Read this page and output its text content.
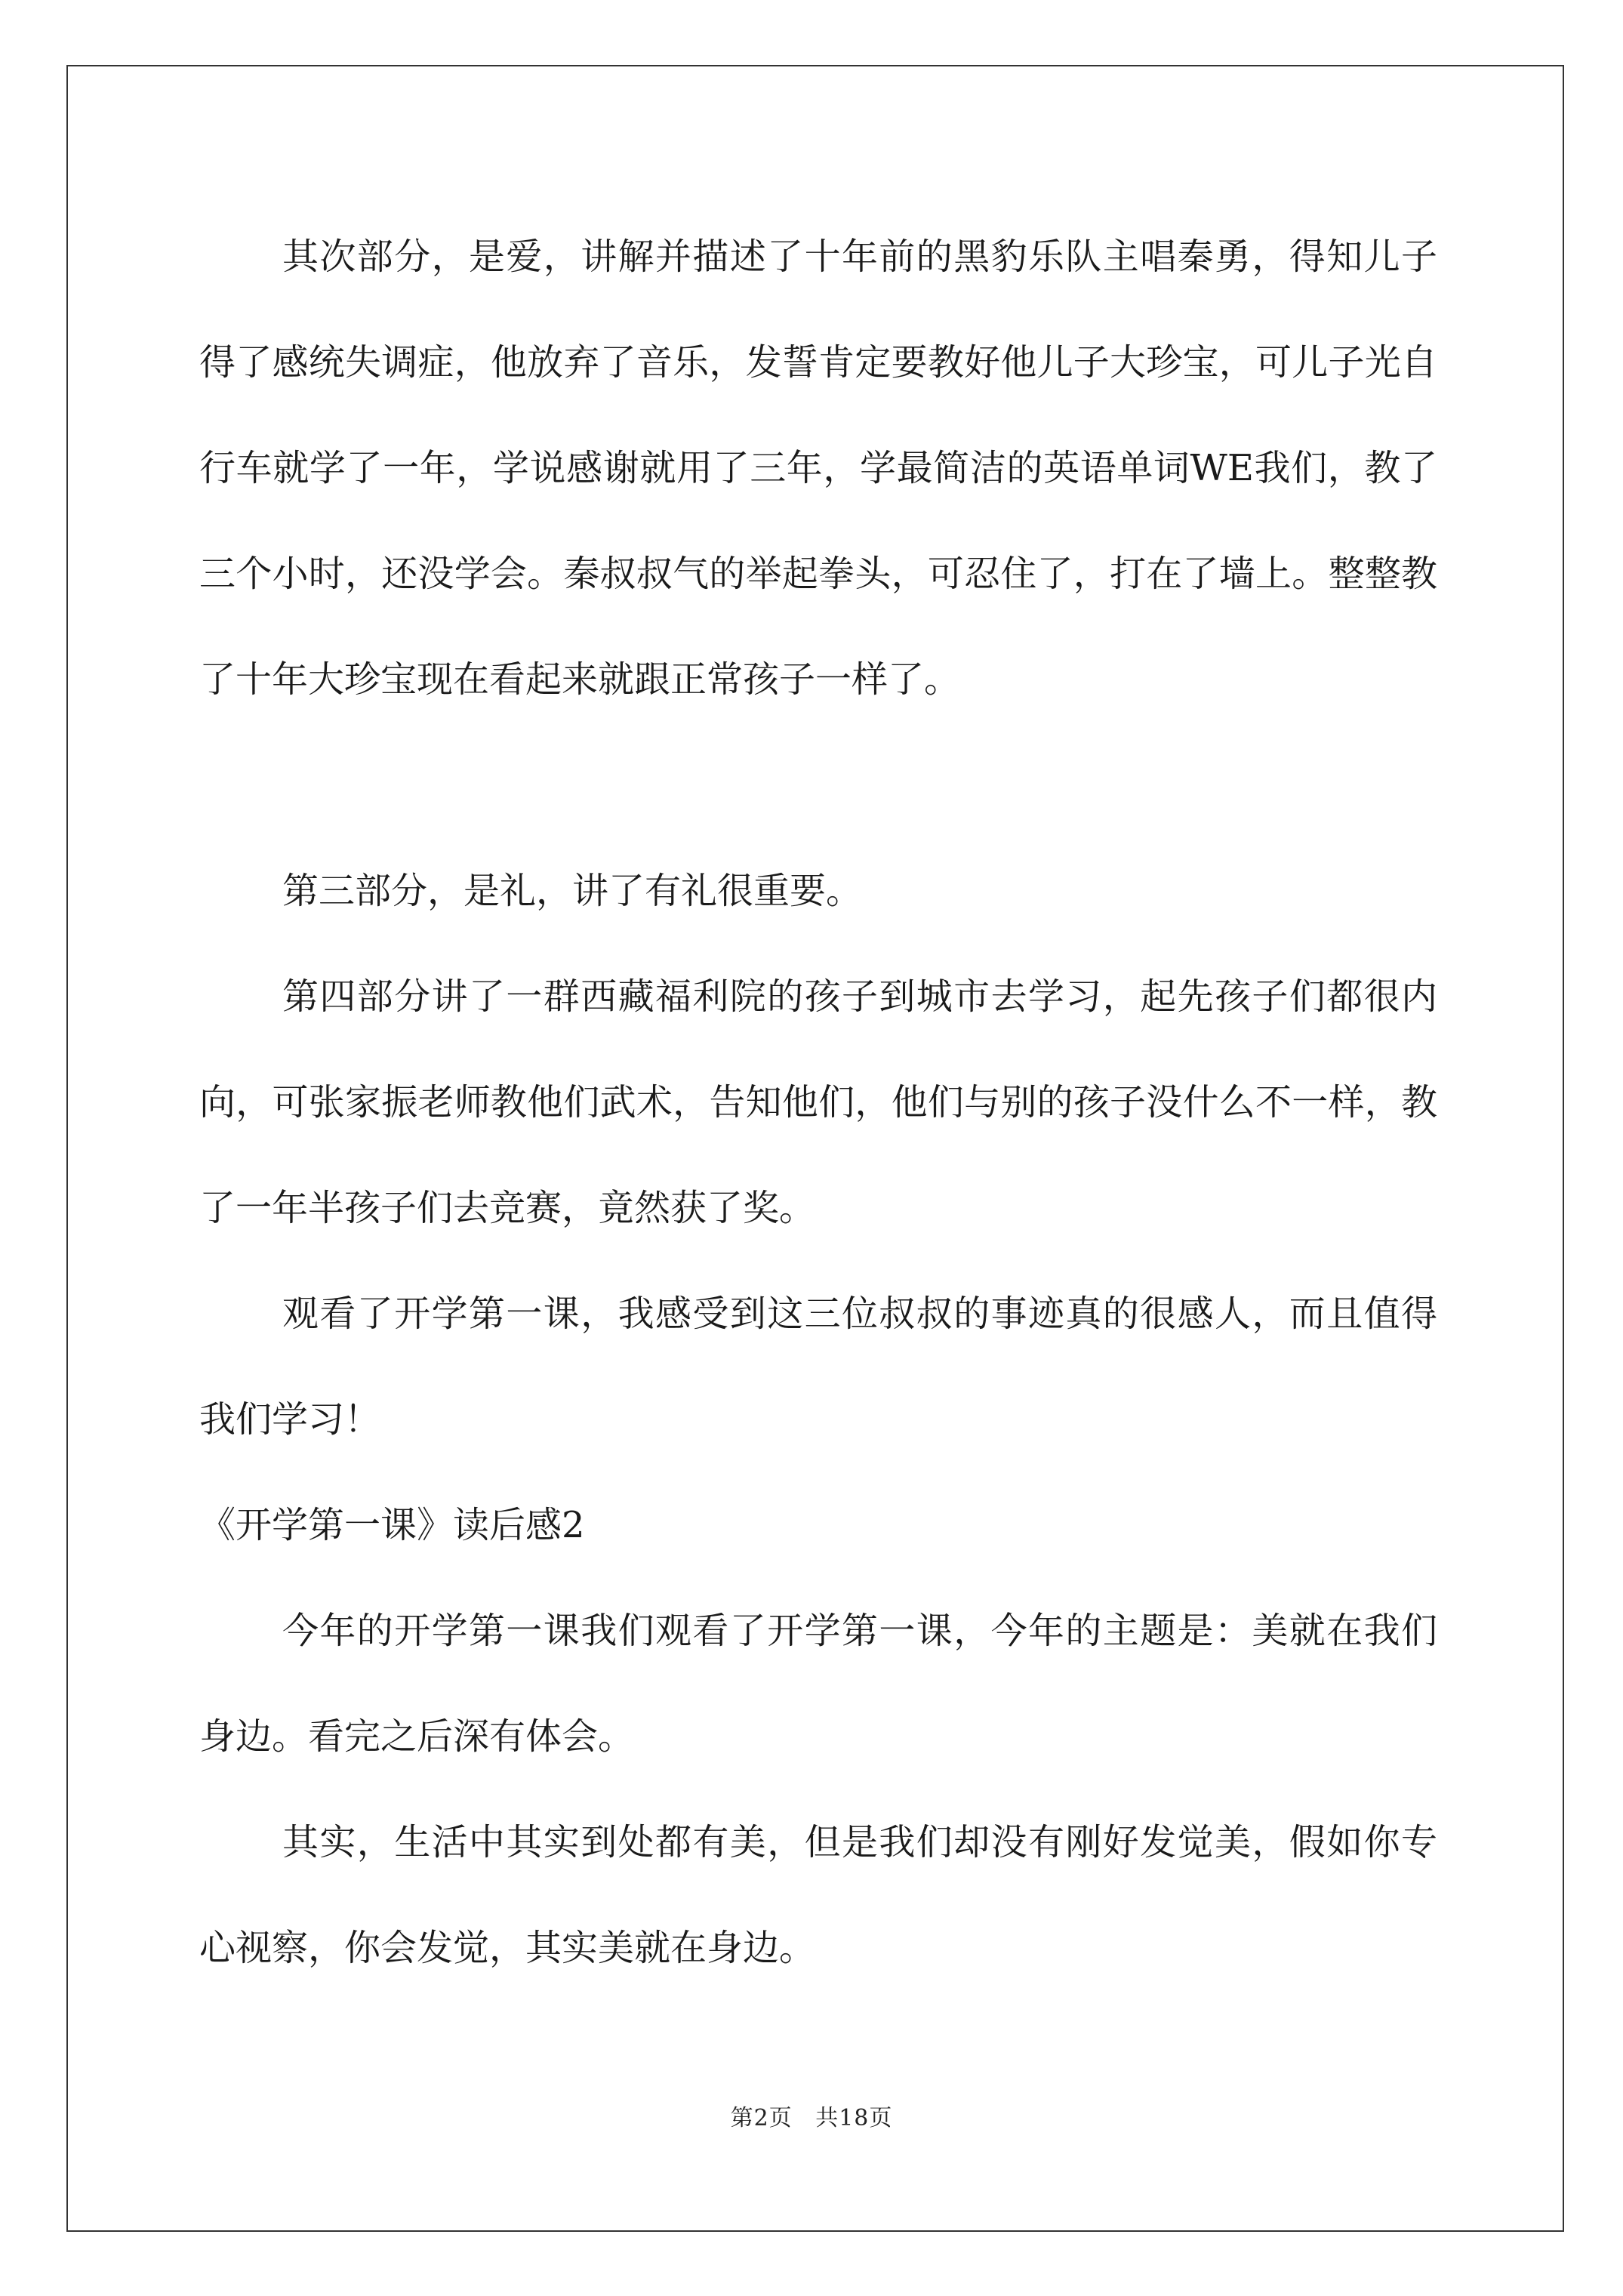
其次部分，是爱，讲解并描述了十年前的黑豹乐队主唱秦勇，得知儿子得了感统失调症，他放弃了音乐，发誓肯定要教好他儿子大珍宝，可儿子光自行车就学了一年，学说感谢就用了三年，学最简洁的英语单词WE我们，教了三个小时，还没学会。秦叔叔气的举起拳头，可忍住了，打在了墙上。整整教了十年大珍宝现在看起来就跟正常孩子一样了。

第三部分，是礼，讲了有礼很重要。

第四部分讲了一群西藏福利院的孩子到城市去学习，起先孩子们都很内向，可张家振老师教他们武术，告知他们，他们与别的孩子没什么不一样，教了一年半孩子们去竞赛，竟然获了奖。

观看了开学第一课，我感受到这三位叔叔的事迹真的很感人，而且值得我们学习！

《开学第一课》读后感2

今年的开学第一课我们观看了开学第一课，今年的主题是：美就在我们身边。看完之后深有体会。

其实，生活中其实到处都有美，但是我们却没有刚好发觉美，假如你专心视察，你会发觉，其实美就在身边。

第2页 共18页
